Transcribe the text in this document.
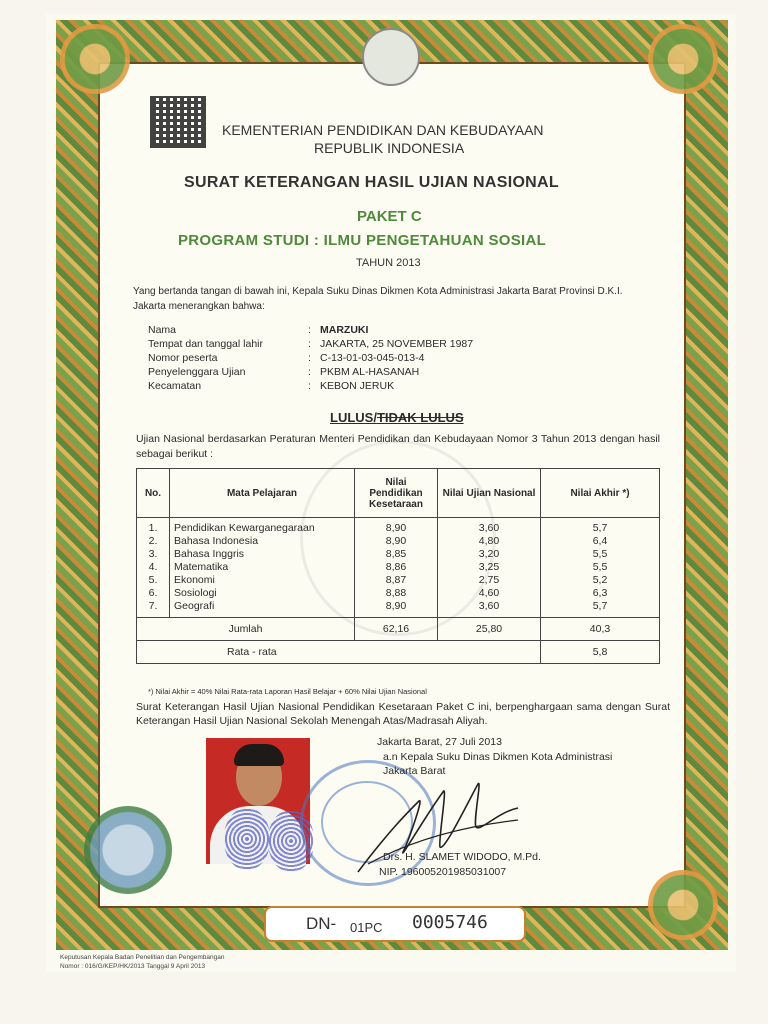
KEMENTERIAN PENDIDIKAN DAN KEBUDAYAAN
REPUBLIK INDONESIA
SURAT KETERANGAN HASIL UJIAN NASIONAL
PAKET C
PROGRAM STUDI : ILMU PENGETAHUAN SOSIAL
TAHUN 2013
Yang bertanda tangan di bawah ini, Kepala Suku Dinas Dikmen Kota Administrasi Jakarta Barat Provinsi D.K.I. Jakarta menerangkan bahwa:
Nama	: MARZUKI
Tempat dan tanggal lahir	: JAKARTA, 25 NOVEMBER 1987
Nomor peserta	: C-13-01-03-045-013-4
Penyelenggara Ujian	: PKBM AL-HASANAH
Kecamatan	: KEBON JERUK
LULUS/TIDAK LULUS
Ujian Nasional berdasarkan Peraturan Menteri Pendidikan dan Kebudayaan Nomor 3 Tahun 2013 dengan hasil sebagai berikut :
No.	Mata Pelajaran	Nilai Pendidikan Kesetaraan	Nilai Ujian Nasional	Nilai Akhir *)
1.	Pendidikan Kewarganegaraan	8,90	3,60	5,7
2.	Bahasa Indonesia	8,90	4,80	6,4
3.	Bahasa Inggris	8,85	3,20	5,5
4.	Matematika	8,86	3,25	5,5
5.	Ekonomi	8,87	2,75	5,2
6.	Sosiologi	8,88	4,60	6,3
7.	Geografi	8,90	3,60	5,7
Jumlah		62,16	25,80	40,3
Rata - rata				5,8
*) Nilai Akhir = 40% Nilai Rata-rata Laporan Hasil Belajar + 60% Nilai Ujian Nasional
Surat Keterangan Hasil Ujian Nasional Pendidikan Kesetaraan Paket C ini, berpenghargaan sama dengan Surat Keterangan Hasil Ujian Nasional Sekolah Menengah Atas/Madrasah Aliyah.
Jakarta Barat, 27 Juli 2013
a.n Kepala Suku Dinas Dikmen Kota Administrasi
Jakarta Barat
Drs. H. SLAMET WIDODO, M.Pd.
NIP. 196005201985031007
DN- 01PC 0005746
Keputusan Kepala Badan Penelitian dan Pengembangan
Nomor : 016/G/KEP/HK/2013 Tanggal 9 April 2013
